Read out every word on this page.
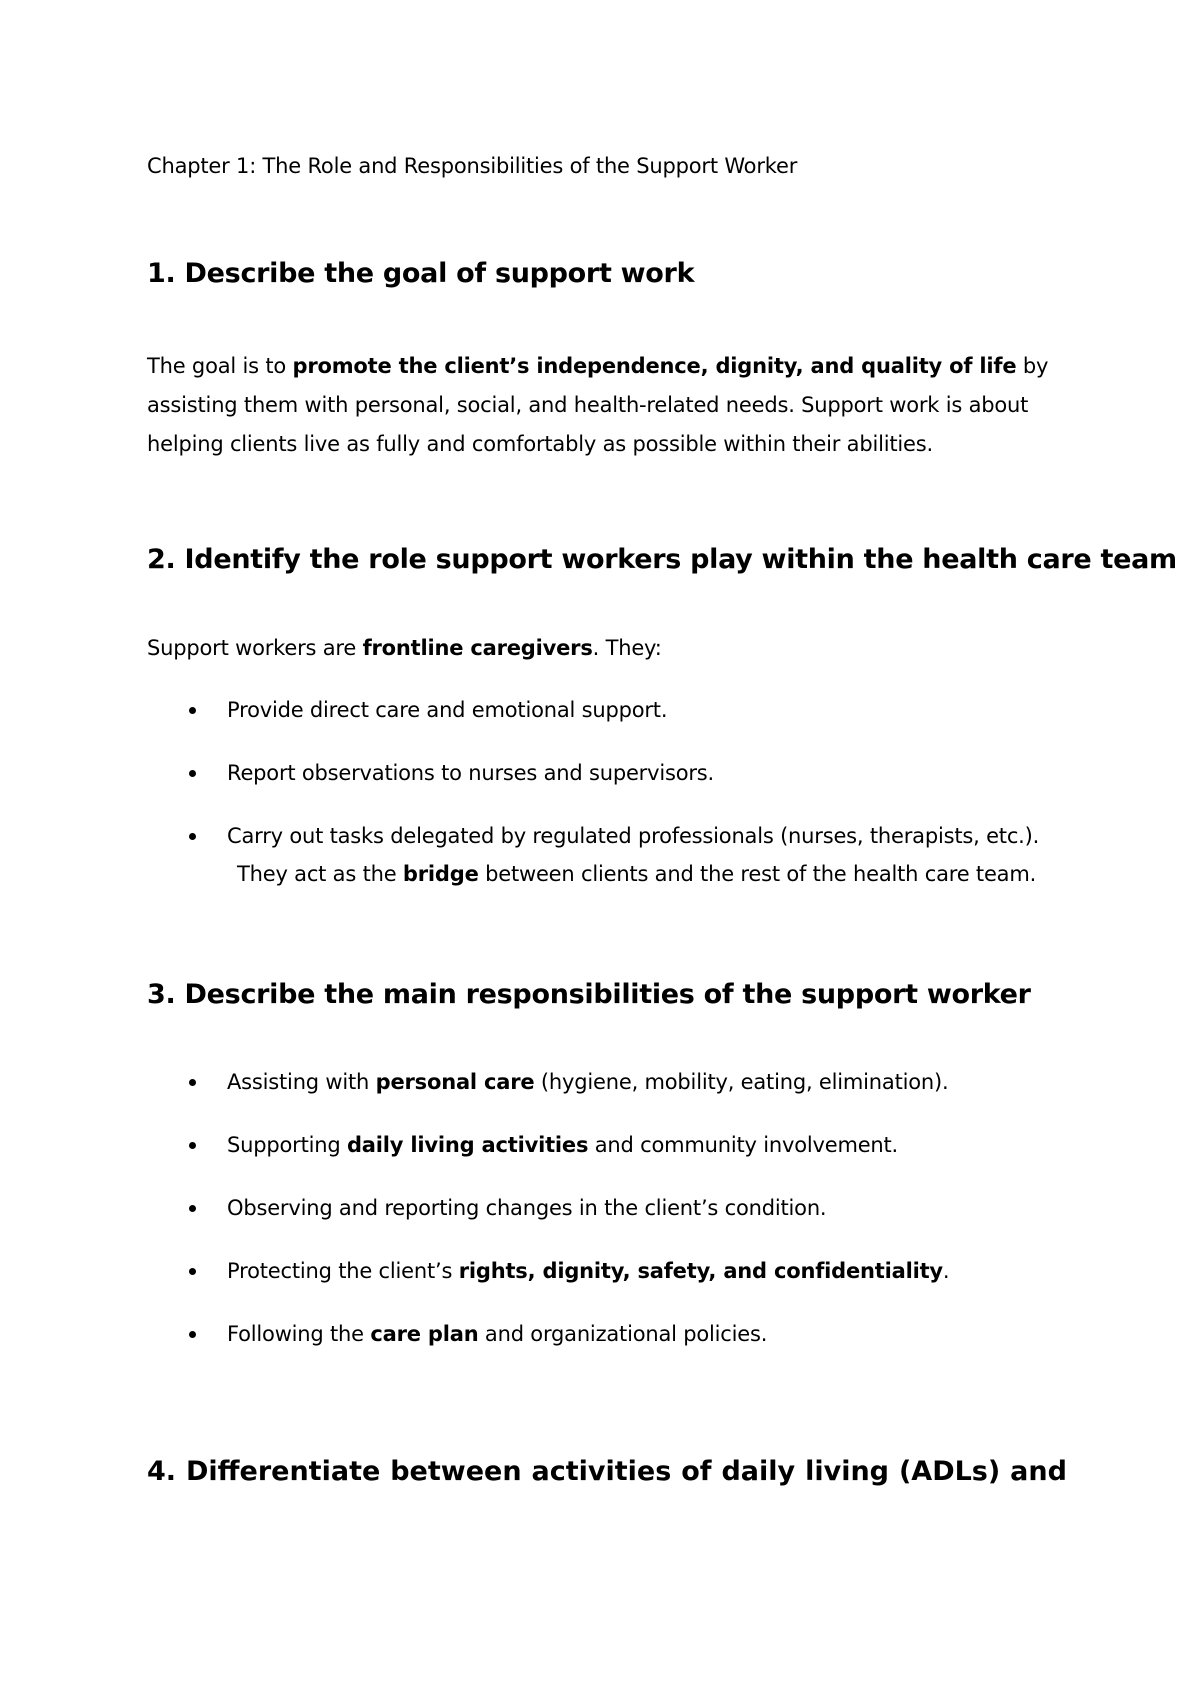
Chapter 1: The Role and Responsibilities of the Support Worker
1. Describe the goal of support work
The goal is to promote the client’s independence, dignity, and quality of life by assisting them with personal, social, and health-related needs. Support work is about helping clients live as fully and comfortably as possible within their abilities.
2. Identify the role support workers play within the health care team
Support workers are frontline caregivers. They:
Provide direct care and emotional support.
Report observations to nurses and supervisors.
Carry out tasks delegated by regulated professionals (nurses, therapists, etc.).
They act as the bridge between clients and the rest of the health care team.
3. Describe the main responsibilities of the support worker
Assisting with personal care (hygiene, mobility, eating, elimination).
Supporting daily living activities and community involvement.
Observing and reporting changes in the client’s condition.
Protecting the client’s rights, dignity, safety, and confidentiality.
Following the care plan and organizational policies.
4. Differentiate between activities of daily living (ADLs) and
